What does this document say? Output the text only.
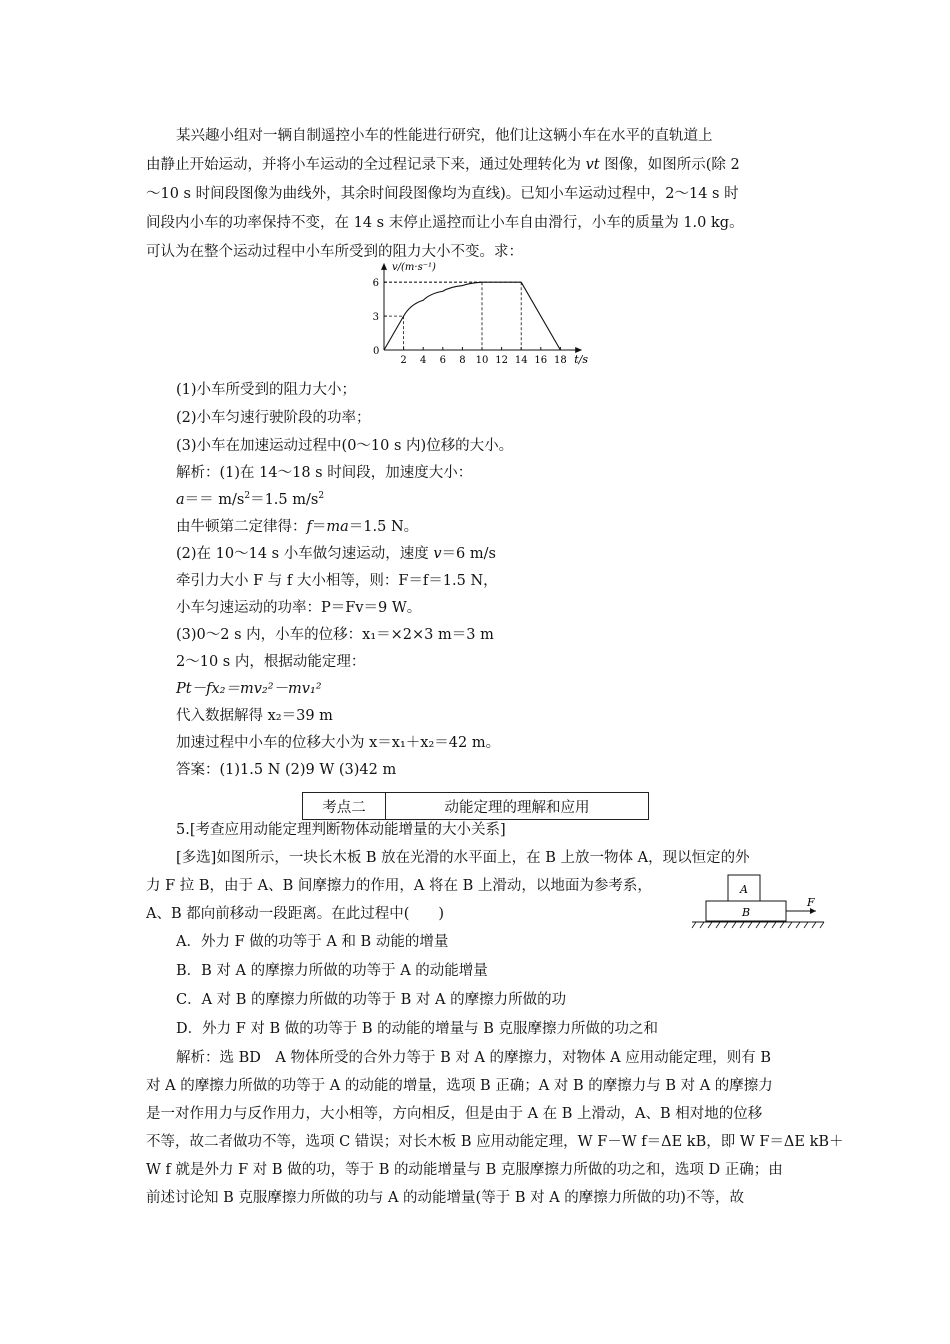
某兴趣小组对一辆自制遥控小车的性能进行研究，他们让这辆小车在水平的直轨道上
由静止开始运动，并将小车运动的全过程记录下来，通过处理转化为 vt 图像，如图所示(除 2
～10 s 时间段图像为曲线外，其余时间段图像均为直线)。已知小车运动过程中，2～14 s 时
间段内小车的功率保持不变，在 14 s 末停止遥控而让小车自由滑行，小车的质量为 1.0 kg。
可认为在整个运动过程中小车所受到的阻力大小不变。求：
v/(m·s⁻¹)
t/s
0
2 4 6 8 10 12 14 16 18
3
6
(1)小车所受到的阻力大小；
(2)小车匀速行驶阶段的功率；
(3)小车在加速运动过程中(0～10 s 内)位移的大小。
解析：(1)在 14～18 s 时间段，加速度大小：
$a== m/s^2=1.5$ $m/s^2$
由牛顿第二定律得：f＝ma＝1.5 N。
(2)在 10～14 s 小车做匀速运动，速度 v＝6 m/s
牵引力大小 F 与 f 大小相等，则：F＝f＝1.5 N，
小车匀速运动的功率：P＝Fv＝9 W。
(3)0～2 s 内，小车的位移：x₁＝×2×3 m＝3 m
2～10 s 内，根据动能定理：
Pt－fx₂＝mv₂²－mv₁²
代入数据解得 x₂＝39 m
加速过程中小车的位移大小为 x＝x₁＋x₂＝42 m。
答案：(1)1.5 N (2)9 W (3)42 m
考点二	动能定理的理解和应用
5.[考查应用动能定理判断物体动能增量的大小关系]
[多选]如图所示，一块长木板 B 放在光滑的水平面上，在 B 上放一物体 A，现以恒定的外
力 F 拉 B，由于 A、B 间摩擦力的作用，A 将在 B 上滑动，以地面为参考系，
A、B 都向前移动一段距离。在此过程中(　　)
A
B
F
A．外力 F 做的功等于 A 和 B 动能的增量
B．B 对 A 的摩擦力所做的功等于 A 的动能增量
C．A 对 B 的摩擦力所做的功等于 B 对 A 的摩擦力所做的功
D．外力 F 对 B 做的功等于 B 的动能的增量与 B 克服摩擦力所做的功之和
解析：选 BD　A 物体所受的合外力等于 B 对 A 的摩擦力，对物体 A 应用动能定理，则有 B
对 A 的摩擦力所做的功等于 A 的动能的增量，选项 B 正确；A 对 B 的摩擦力与 B 对 A 的摩擦力
是一对作用力与反作用力，大小相等，方向相反，但是由于 A 在 B 上滑动，A、B 相对地的位移
不等，故二者做功不等，选项 C 错误；对长木板 B 应用动能定理，W F－W f＝ΔE kB，即 W F＝ΔE kB＋
W f 就是外力 F 对 B 做的功，等于 B 的动能增量与 B 克服摩擦力所做的功之和，选项 D 正确；由
前述讨论知 B 克服摩擦力所做的功与 A 的动能增量(等于 B 对 A 的摩擦力所做的功)不等，故
